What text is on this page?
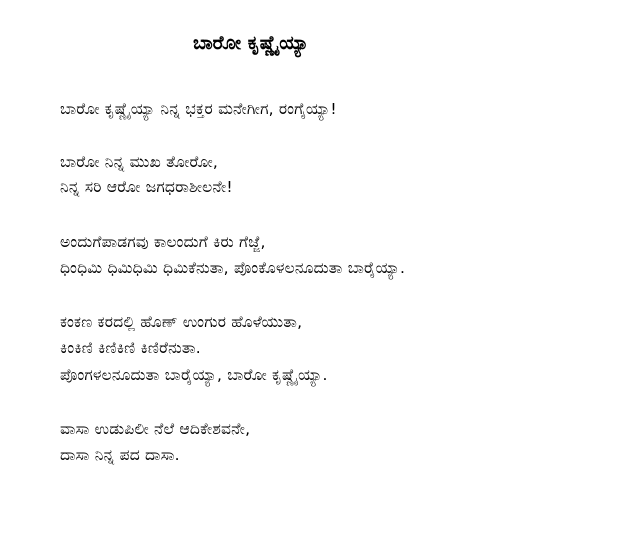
ಬಾರೋ ಕೃಷ್ಣೈಯ್ಯಾ
ಬಾರೋ ಕೃಷ್ಣೈಯ್ಯಾ ನಿನ್ನ ಭಕ್ತರ ಮನೇಗೀಗ, ರಂಗೈಯ್ಯಾ!
ಬಾರೋ ನಿನ್ನ ಮುಖ ತೋರೋ,
ನಿನ್ನ ಸರಿ ಆರೋ ಜಗಧರಾಶೀಲನೇ!
ಅಂದುಗೆಪಾಡಗವು ಕಾಲಂದುಗೆ ಕಿರು ಗೆಜ್ಜೆ,
ಧಿಂಧಿಮಿ ಧಿಮಿಧಿಮಿ ಧಿಮಿಕೆನುತಾ, ಪೊಂಕೊಳಲನೂದುತಾ ಬಾರೈಯ್ಯಾ.
ಕಂಕಣ ಕರದಲ್ಲಿ ಹೊಣ್ ಉಂಗುರ ಹೊಳೆಯುತಾ,
ಕಿಂಕಿಣಿ ಕಿಣಿಕಿಣಿ ಕಿಣಿರೆನುತಾ.
ಪೊಂಗಳಲನೂದುತಾ ಬಾರೈಯ್ಯಾ, ಬಾರೋ ಕೃಷ್ಣೈಯ್ಯಾ.
ವಾಸಾ ಉಡುಪಿಲೀ ನೆಲೆ ಆದಿಕೇಶವನೇ,
ದಾಸಾ ನಿನ್ನ ಪದ ದಾಸಾ.
